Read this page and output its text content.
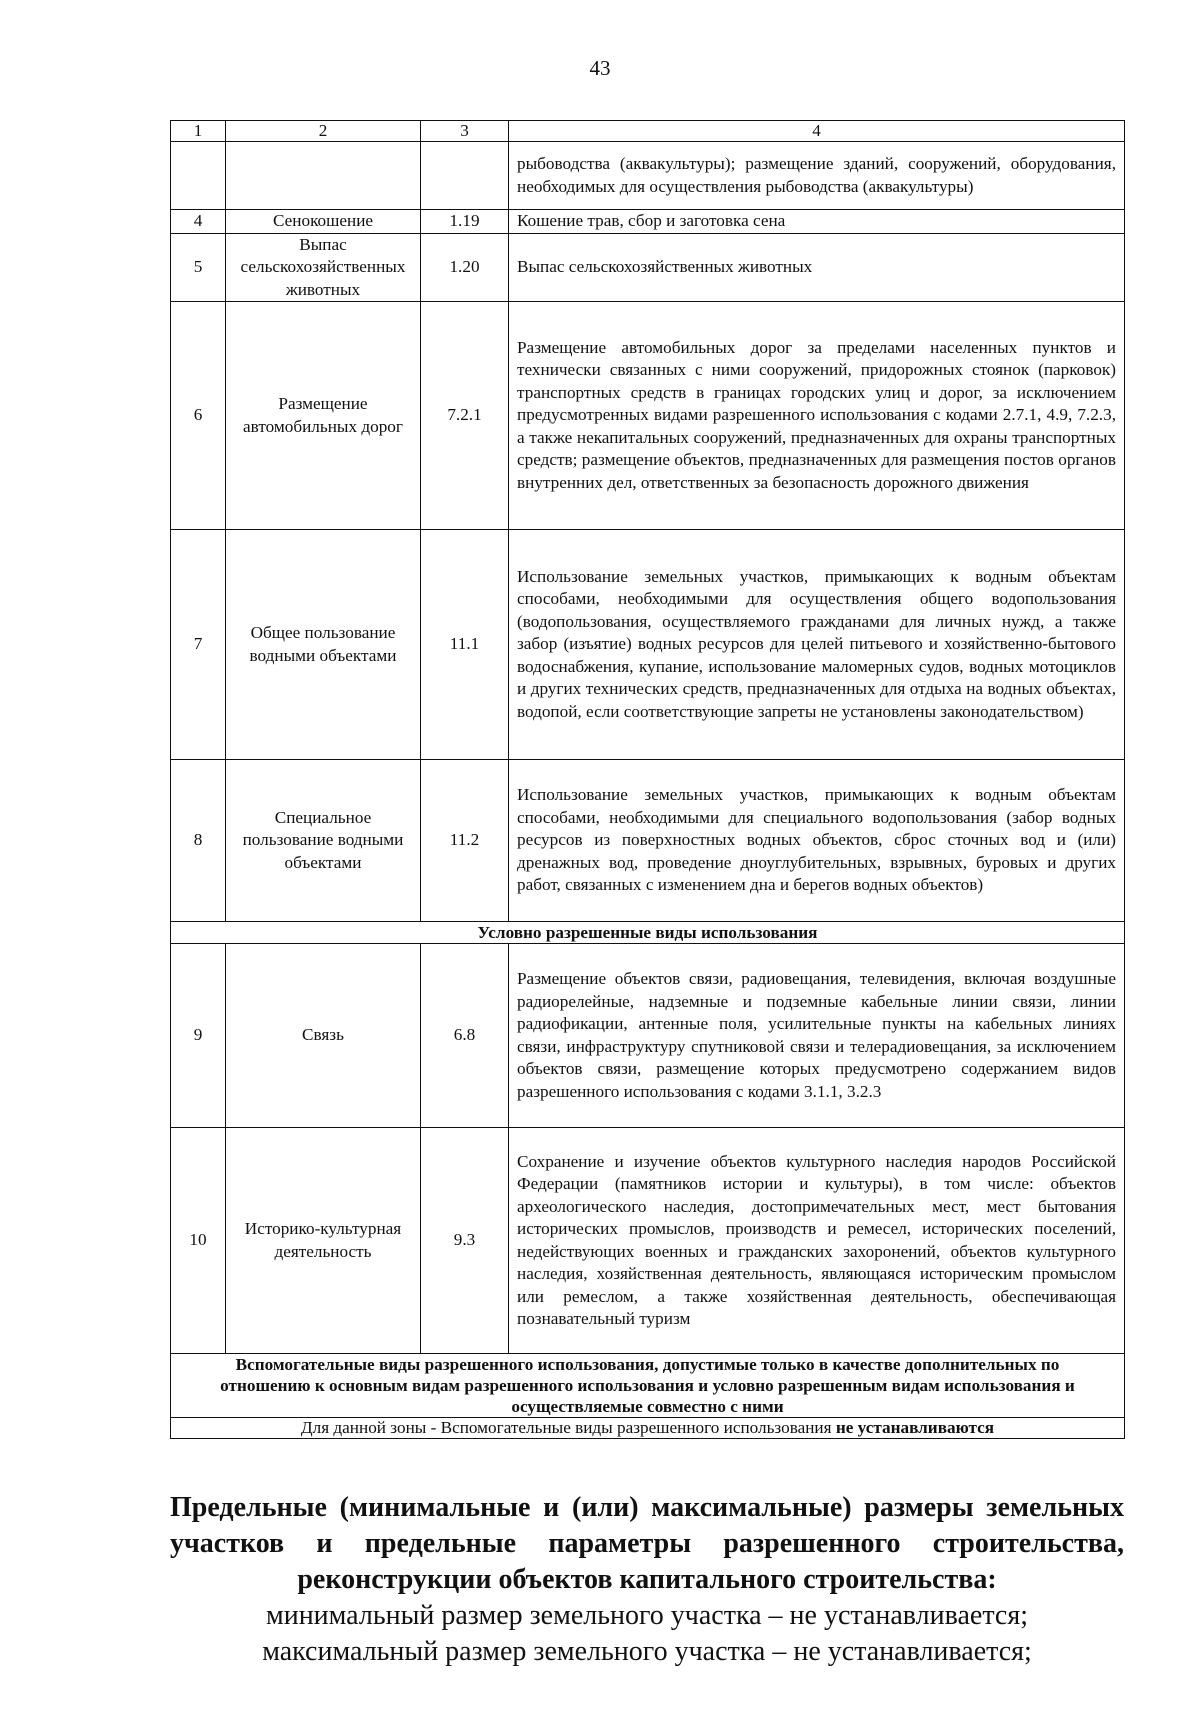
43
1	2	3	4
			рыбоводства (аквакультуры); размещение зданий, сооружений, оборудования, необходимых для осуществления рыбоводства (аквакультуры)
4	Сенокошение	1.19	Кошение трав, сбор и заготовка сена
5	Выпас сельскохозяйственных животных	1.20	Выпас сельскохозяйственных животных
6	Размещение автомобильных дорог	7.2.1	Размещение автомобильных дорог за пределами населенных пунктов и технически связанных с ними сооружений, придорожных стоянок (парковок) транспортных средств в границах городских улиц и дорог, за исключением предусмотренных видами разрешенного использования с кодами 2.7.1, 4.9, 7.2.3, а также некапитальных сооружений, предназначенных для охраны транспортных средств; размещение объектов, предназначенных для размещения постов органов внутренних дел, ответственных за безопасность дорожного движения
7	Общее пользование водными объектами	11.1	Использование земельных участков, примыкающих к водным объектам способами, необходимыми для осуществления общего водопользования (водопользования, осуществляемого гражданами для личных нужд, а также забор (изъятие) водных ресурсов для целей питьевого и хозяйственно-бытового водоснабжения, купание, использование маломерных судов, водных мотоциклов и других технических средств, предназначенных для отдыха на водных объектах, водопой, если соответствующие запреты не установлены законодательством)
8	Специальное пользование водными объектами	11.2	Использование земельных участков, примыкающих к водным объектам способами, необходимыми для специального водопользования (забор водных ресурсов из поверхностных водных объектов, сброс сточных вод и (или) дренажных вод, проведение дноуглубительных, взрывных, буровых и других работ, связанных с изменением дна и берегов водных объектов)
Условно разрешенные виды использования			
9	Связь	6.8	Размещение объектов связи, радиовещания, телевидения, включая воздушные радиорелейные, надземные и подземные кабельные линии связи, линии радиофикации, антенные поля, усилительные пункты на кабельных линиях связи, инфраструктуру спутниковой связи и телерадиовещания, за исключением объектов связи, размещение которых предусмотрено содержанием видов разрешенного использования с кодами 3.1.1, 3.2.3
10	Историко-культурная деятельность	9.3	Сохранение и изучение объектов культурного наследия народов Российской Федерации (памятников истории и культуры), в том числе: объектов археологического наследия, достопримечательных мест, мест бытования исторических промыслов, производств и ремесел, исторических поселений, недействующих военных и гражданских захоронений, объектов культурного наследия, хозяйственная деятельность, являющаяся историческим промыслом или ремеслом, а также хозяйственная деятельность, обеспечивающая познавательный туризм
Вспомогательные виды разрешенного использования, допустимые только в качестве дополнительных по отношению к основным видам разрешенного использования и условно разрешенным видам использования и осуществляемые совместно с ними			
Для данной зоны - Вспомогательные виды разрешенного использования не устанавливаются			

Предельные (минимальные и (или) максимальные) размеры земельных участков и предельные параметры разрешенного строительства, реконструкции объектов капитального строительства:

минимальный размер земельного участка – не устанавливается;

максимальный размер земельного участка – не устанавливается;
